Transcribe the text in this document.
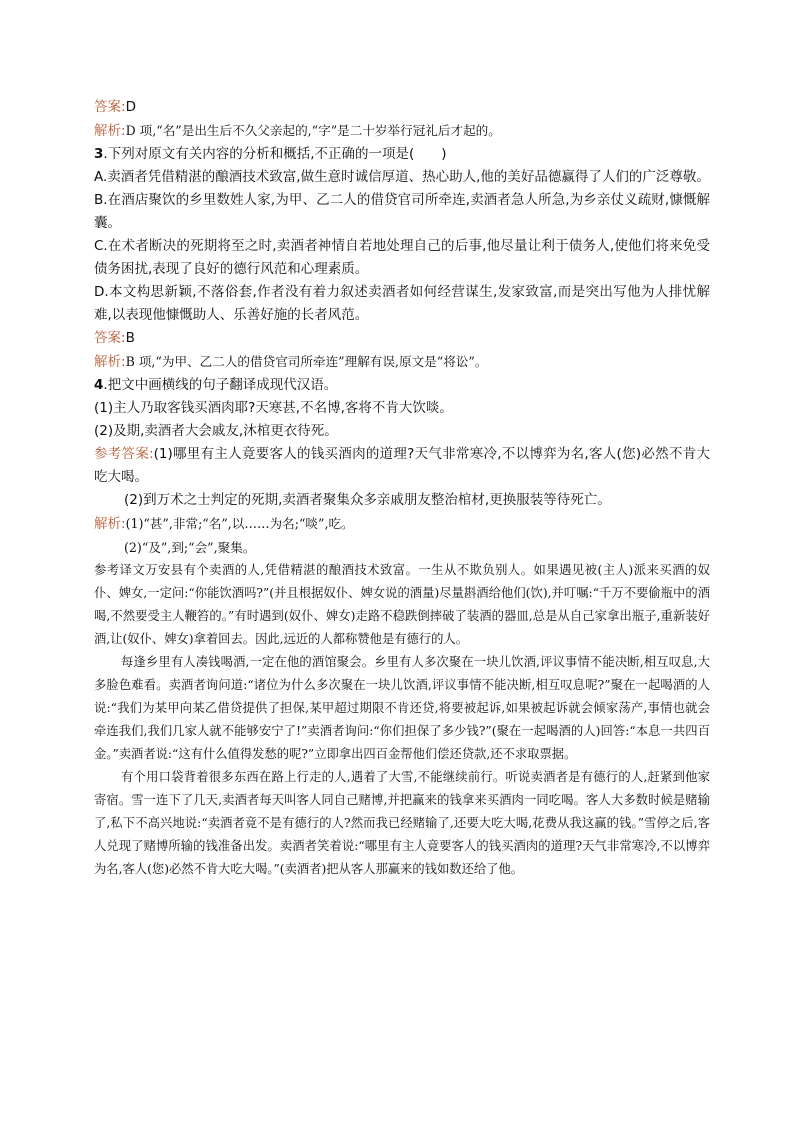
答案:D

解析:D 项,“名”是出生后不久父亲起的,“字”是二十岁举行冠礼后才起的。

3.下列对原文有关内容的分析和概括,不正确的一项是(　　)

A.卖酒者凭借精湛的酿酒技术致富,做生意时诚信厚道、热心助人,他的美好品德赢得了人们的广泛尊敬。

B.在酒店聚饮的乡里数姓人家,为甲、乙二人的借贷官司所牵连,卖酒者急人所急,为乡亲仗义疏财,慷慨解囊。

C.在术者断决的死期将至之时,卖酒者神情自若地处理自己的后事,他尽量让利于债务人,使他们将来免受债务困扰,表现了良好的德行风范和心理素质。

D.本文构思新颖,不落俗套,作者没有着力叙述卖酒者如何经营谋生,发家致富,而是突出写他为人排忧解难,以表现他慷慨助人、乐善好施的长者风范。

答案:B

解析:B 项,“为甲、乙二人的借贷官司所牵连”理解有误,原文是“将讼”。

4.把文中画横线的句子翻译成现代汉语。

(1)主人乃取客钱买酒肉耶?天寒甚,不名博,客将不肯大饮啖。

(2)及期,卖酒者大会戚友,沐棺更衣待死。

参考答案:(1)哪里有主人竟要客人的钱买酒肉的道理?天气非常寒冷,不以博弈为名,客人(您)必然不肯大吃大喝。

(2)到万术之士判定的死期,卖酒者聚集众多亲戚朋友整治棺材,更换服装等待死亡。

解析:(1)“甚”,非常;“名”,以……为名;“啖”,吃。

(2)“及”,到;“会”,聚集。

参考译文万安县有个卖酒的人,凭借精湛的酿酒技术致富。一生从不欺负别人。如果遇见被(主人)派来买酒的奴仆、婢女,一定问:“你能饮酒吗?”(并且根据奴仆、婢女说的酒量)尽量斟酒给他们(饮),并叮嘱:“千万不要偷瓶中的酒喝,不然要受主人鞭笞的。”有时遇到(奴仆、婢女)走路不稳跌倒摔破了装酒的器皿,总是从自己家拿出瓶子,重新装好酒,让(奴仆、婢女)拿着回去。因此,远近的人都称赞他是有德行的人。

每逢乡里有人凑钱喝酒,一定在他的酒馆聚会。乡里有人多次聚在一块儿饮酒,评议事情不能决断,相互叹息,大多脸色难看。卖酒者询问道:“诸位为什么多次聚在一块儿饮酒,评议事情不能决断,相互叹息呢?”聚在一起喝酒的人说:“我们为某甲向某乙借贷提供了担保,某甲超过期限不肯还贷,将要被起诉,如果被起诉就会倾家荡产,事情也就会牵连我们,我们几家人就不能够安宁了!”卖酒者询问:“你们担保了多少钱?”(聚在一起喝酒的人)回答:“本息一共四百金。”卖酒者说:“这有什么值得发愁的呢?”立即拿出四百金帮他们偿还贷款,还不求取票据。

有个用口袋背着很多东西在路上行走的人,遇着了大雪,不能继续前行。听说卖酒者是有德行的人,赶紧到他家寄宿。雪一连下了几天,卖酒者每天叫客人同自己赌博,并把赢来的钱拿来买酒肉一同吃喝。客人大多数时候是赌输了,私下不高兴地说:“卖酒者竟不是有德行的人?然而我已经赌输了,还要大吃大喝,花费从我这赢的钱。”雪停之后,客人兑现了赌博所输的钱准备出发。卖酒者笑着说:“哪里有主人竟要客人的钱买酒肉的道理?天气非常寒冷,不以博弈为名,客人(您)必然不肯大吃大喝。”(卖酒者)把从客人那赢来的钱如数还给了他。
